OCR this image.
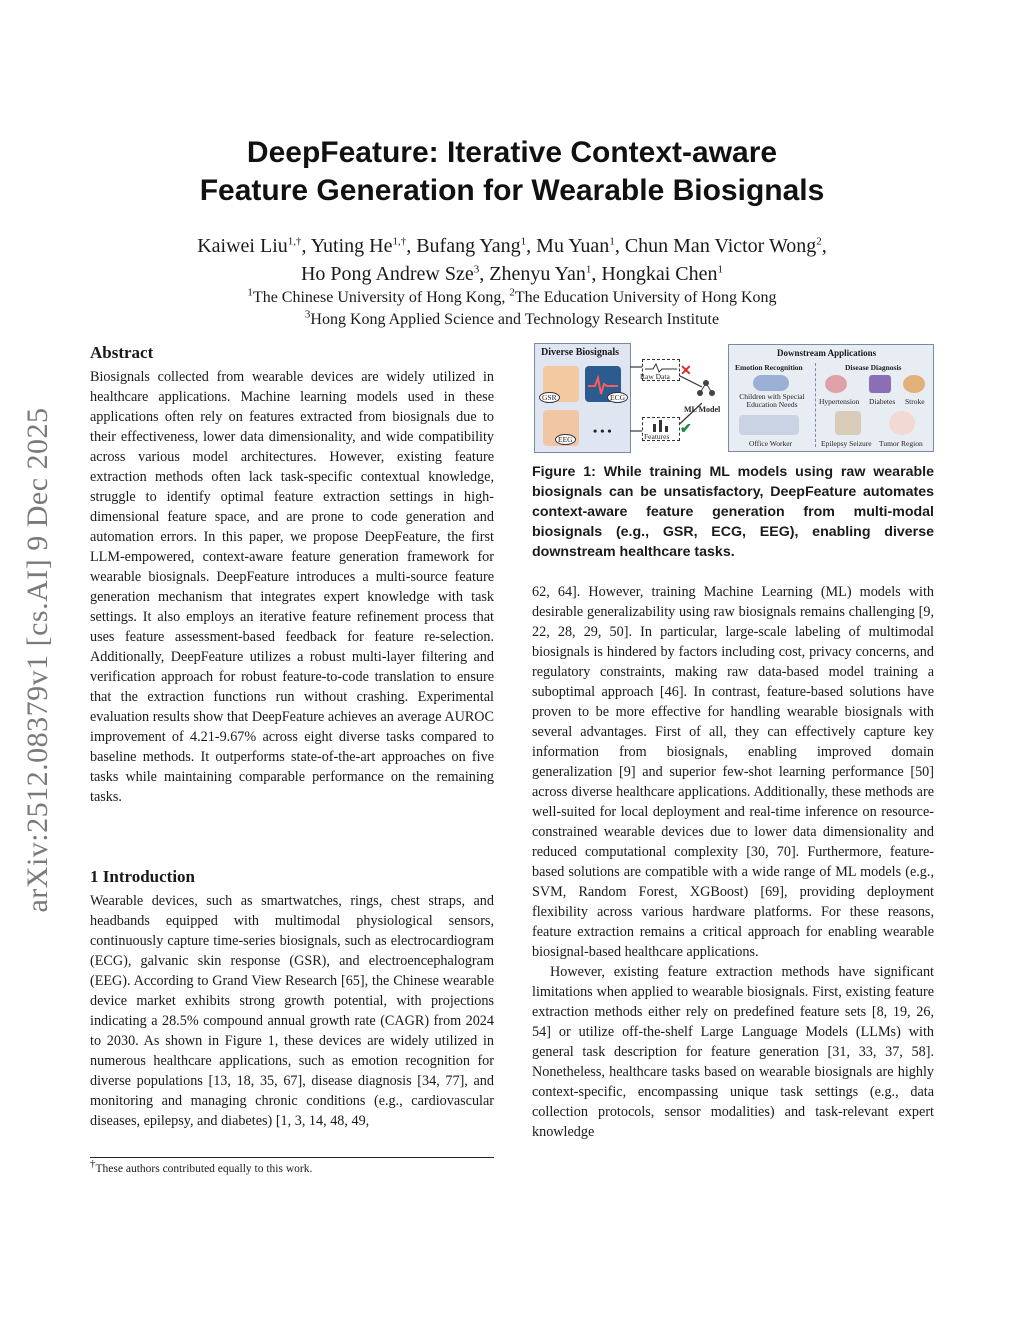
arXiv:2512.08379v1 [cs.AI] 9 Dec 2025
DeepFeature: Iterative Context-aware
Feature Generation for Wearable Biosignals
Kaiwei Liu$^{1,\dagger}$, Yuting $He^{1,\dagger}$, Bufang Yang$^1$, Mu Yuan$^1$, Chun Man Victor Wong$^2$,
Ho Pong Andrew Sze$^3$, Zhenyu Yan$^1$, Hongkai Chen$^1$
$^1$The Chinese University of Hong Kong, $^2$The Education University of Hong Kong
$^3$Hong Kong Applied Science and Technology Research Institute
Abstract

Biosignals collected from wearable devices are widely utilized in healthcare applications. Machine learning models used in these applications often rely on features extracted from biosignals due to their effectiveness, lower data dimensionality, and wide compatibility across various model architectures. However, existing feature extraction methods often lack task-specific contextual knowledge, struggle to identify optimal feature extraction settings in high-dimensional feature space, and are prone to code generation and automation errors. In this paper, we propose DeepFeature, the first LLM-empowered, context-aware feature generation framework for wearable biosignals. DeepFeature introduces a multi-source feature generation mechanism that integrates expert knowledge with task settings. It also employs an iterative feature refinement process that uses feature assessment-based feedback for feature re-selection. Additionally, DeepFeature utilizes a robust multi-layer filtering and verification approach for robust feature-to-code translation to ensure that the extraction functions run without crashing. Experimental evaluation results show that DeepFeature achieves an average AUROC improvement of 4.21-9.67% across eight diverse tasks compared to baseline methods. It outperforms state-of-the-art approaches on five tasks while maintaining comparable performance on the remaining tasks.

1 Introduction

Wearable devices, such as smartwatches, rings, chest straps, and headbands equipped with multimodal physiological sensors, continuously capture time-series biosignals, such as electrocardiogram (ECG), galvanic skin response (GSR), and electroencephalogram (EEG). According to Grand View Research [65], the Chinese wearable device market exhibits strong growth potential, with projections indicating a 28.5% compound annual growth rate (CAGR) from 2024 to 2030. As shown in Figure 1, these devices are widely utilized in numerous healthcare applications, such as emotion recognition for diverse populations [13, 18, 35, 67], disease diagnosis [34, 77], and monitoring and managing chronic conditions (e.g., cardiovascular diseases, epilepsy, and diabetes) [1, 3, 14, 48, 49,

†These authors contributed equally to this work.
Diverse Biosignals
GSR	ECG
EEG
• • •
Raw Data ✕
Features ✔
ML Model
Downstream Applications
Emotion Recognition	Disease Diagnosis
Children with Special Education Needs
Office Worker
Hypertension Diabetes Stroke
Epilepsy Seizure Tumor Region
Figure 1: While training ML models using raw wearable biosignals can be unsatisfactory, DeepFeature automates context-aware feature generation from multi-modal biosignals (e.g., GSR, ECG, EEG), enabling diverse downstream healthcare tasks.

62, 64]. However, training Machine Learning (ML) models with desirable generalizability using raw biosignals remains challenging [9, 22, 28, 29, 50]. In particular, large-scale labeling of multimodal biosignals is hindered by factors including cost, privacy concerns, and regulatory constraints, making raw data-based model training a suboptimal approach [46]. In contrast, feature-based solutions have proven to be more effective for handling wearable biosignals with several advantages. First of all, they can effectively capture key information from biosignals, enabling improved domain generalization [9] and superior few-shot learning performance [50] across diverse healthcare applications. Additionally, these methods are well-suited for local deployment and real-time inference on resource-constrained wearable devices due to lower data dimensionality and reduced computational complexity [30, 70]. Furthermore, feature-based solutions are compatible with a wide range of ML models (e.g., SVM, Random Forest, XGBoost) [69], providing deployment flexibility across various hardware platforms. For these reasons, feature extraction remains a critical approach for enabling wearable biosignal-based healthcare applications.

However, existing feature extraction methods have significant limitations when applied to wearable biosignals. First, existing feature extraction methods either rely on predefined feature sets [8, 19, 26, 54] or utilize off-the-shelf Large Language Models (LLMs) with general task description for feature generation [31, 33, 37, 58]. Nonetheless, healthcare tasks based on wearable biosignals are highly context-specific, encompassing unique task settings (e.g., data collection protocols, sensor modalities) and task-relevant expert knowledge
